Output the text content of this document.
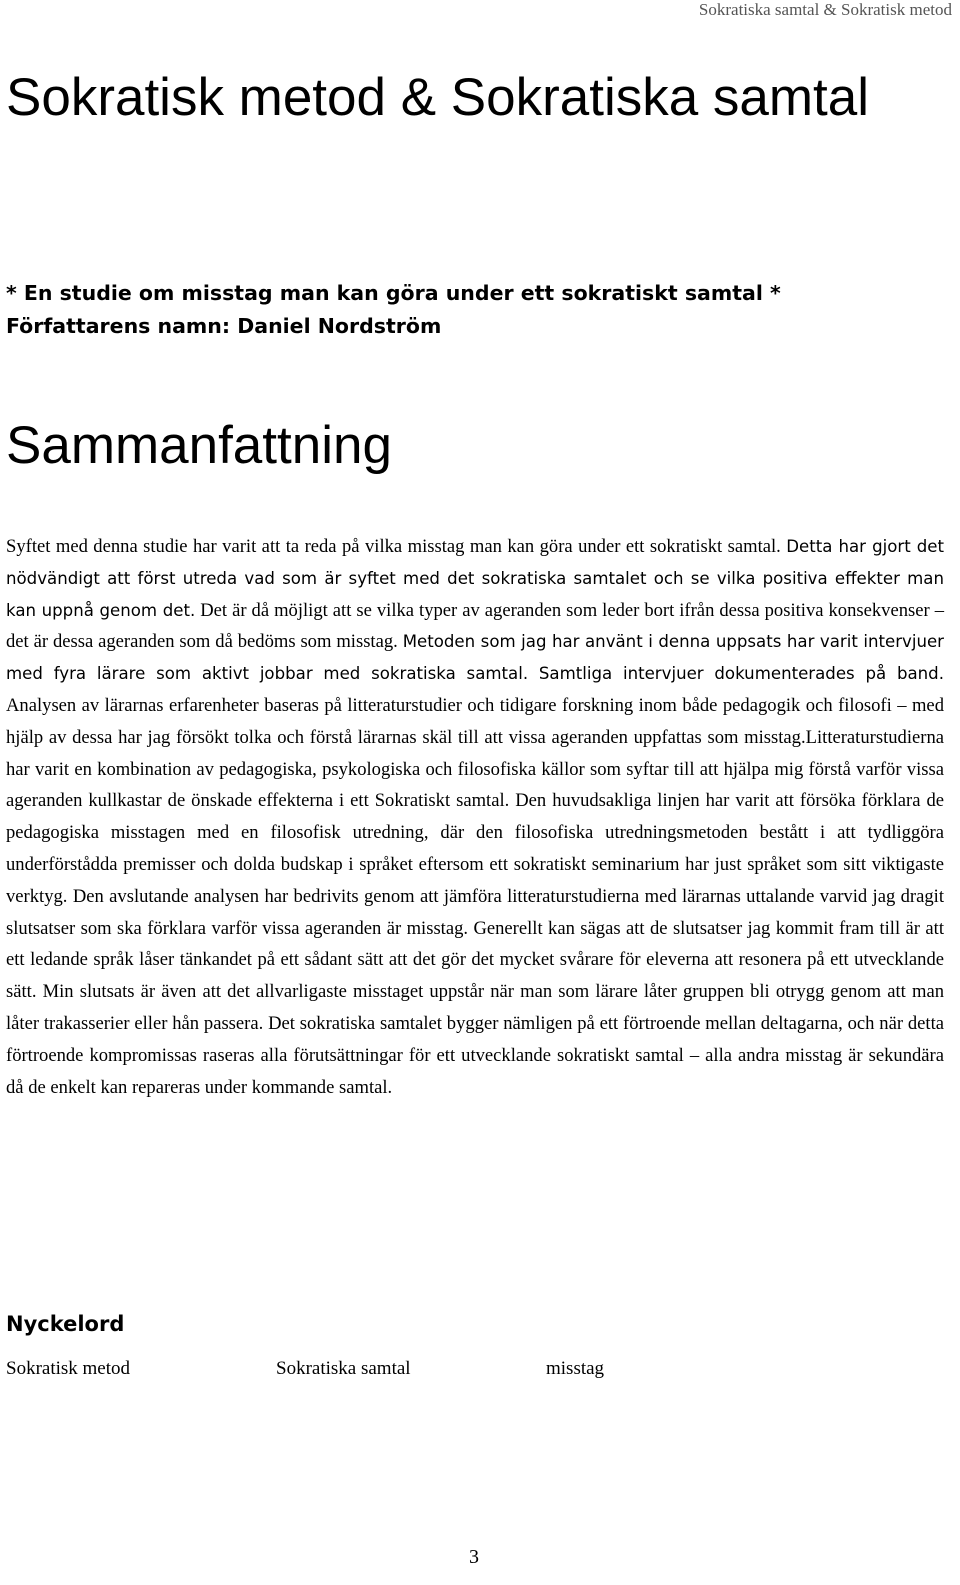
Sokratiska samtal & Sokratisk metod
Sokratisk metod & Sokratiska samtal
* En studie om misstag man kan göra under ett sokratiskt samtal *
Författarens namn: Daniel Nordström
Sammanfattning

Syftet med denna studie har varit att ta reda på vilka misstag man kan göra under ett sokratiskt samtal. Detta har gjort det nödvändigt att först utreda vad som är syftet med det sokratiska samtalet och se vilka positiva effekter man kan uppnå genom det. Det är då möjligt att se vilka typer av ageranden som leder bort ifrån dessa positiva konsekvenser – det är dessa ageranden som då bedöms som misstag. Metoden som jag har använt i denna uppsats har varit intervjuer med fyra lärare som aktivt jobbar med sokratiska samtal. Samtliga intervjuer dokumenterades på band. Analysen av lärarnas erfarenheter baseras på litteraturstudier och tidigare forskning inom både pedagogik och filosofi – med hjälp av dessa har jag försökt tolka och förstå lärarnas skäl till att vissa ageranden uppfattas som misstag.Litteraturstudierna har varit en kombination av pedagogiska, psykologiska och filosofiska källor som syftar till att hjälpa mig förstå varför vissa ageranden kullkastar de önskade effekterna i ett Sokratiskt samtal. Den huvudsakliga linjen har varit att försöka förklara de pedagogiska misstagen med en filosofisk utredning, där den filosofiska utredningsmetoden bestått i att tydliggöra underförstådda premisser och dolda budskap i språket eftersom ett sokratiskt seminarium har just språket som sitt viktigaste verktyg. Den avslutande analysen har bedrivits genom att jämföra litteraturstudierna med lärarnas uttalande varvid jag dragit slutsatser som ska förklara varför vissa ageranden är misstag. Generellt kan sägas att de slutsatser jag kommit fram till är att ett ledande språk låser tänkandet på ett sådant sätt att det gör det mycket svårare för eleverna att resonera på ett utvecklande sätt. Min slutsats är även att det allvarligaste misstaget uppstår när man som lärare låter gruppen bli otrygg genom att man låter trakasserier eller hån passera. Det sokratiska samtalet bygger nämligen på ett förtroende mellan deltagarna, och när detta förtroende kompromissas raseras alla förutsättningar för ett utvecklande sokratiskt samtal – alla andra misstag är sekundära då de enkelt kan repareras under kommande samtal.

Nyckelord
Sokratisk metod	Sokratiska samtal	misstag
3
